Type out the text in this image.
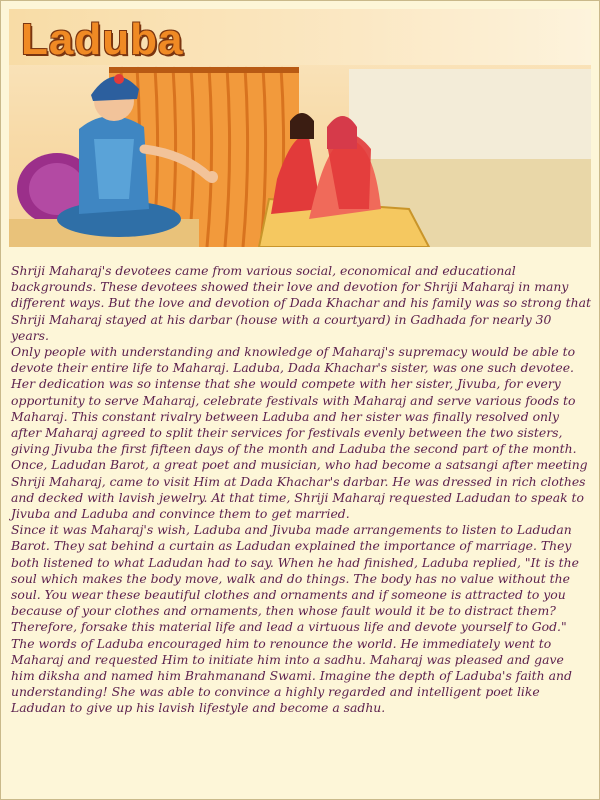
Laduba

Shriji Maharaj's devotees came from various social, economical and educational backgrounds. These devotees showed their love and devotion for Shriji Maharaj in many different ways. But the love and devotion of Dada Khachar and his family was so strong that Shriji Maharaj stayed at his darbar (house with a courtyard) in Gadhada for nearly 30 years.

Only people with understanding and knowledge of Maharaj's supremacy would be able to devote their entire life to Maharaj. Laduba, Dada Khachar's sister, was one such devotee. Her dedication was so intense that she would compete with her sister, Jivuba, for every opportunity to serve Maharaj, celebrate festivals with Maharaj and serve various foods to Maharaj. This constant rivalry between Laduba and her sister was finally resolved only after Maharaj agreed to split their services for festivals evenly between the two sisters, giving Jivuba the first fifteen days of the month and Laduba the second part of the month.

Once, Ladudan Barot, a great poet and musician, who had become a satsangi after meeting Shriji Maharaj, came to visit Him at Dada Khachar's darbar. He was dressed in rich clothes and decked with lavish jewelry. At that time, Shriji Maharaj requested Ladudan to speak to Jivuba and Laduba and convince them to get married.

Since it was Maharaj's wish, Laduba and Jivuba made arrangements to listen to Ladudan Barot. They sat behind a curtain as Ladudan explained the importance of marriage. They both listened to what Ladudan had to say. When he had finished, Laduba replied, "It is the soul which makes the body move, walk and do things. The body has no value without the soul. You wear these beautiful clothes and ornaments and if someone is attracted to you because of your clothes and ornaments, then whose fault would it be to distract them? Therefore, forsake this material life and lead a virtuous life and devote yourself to God."

The words of Laduba encouraged him to renounce the world. He immediately went to Maharaj and requested Him to initiate him into a sadhu. Maharaj was pleased and gave him diksha and named him Brahmanand Swami. Imagine the depth of Laduba's faith and understanding! She was able to convince a highly regarded and intelligent poet like Ladudan to give up his lavish lifestyle and become a sadhu.
